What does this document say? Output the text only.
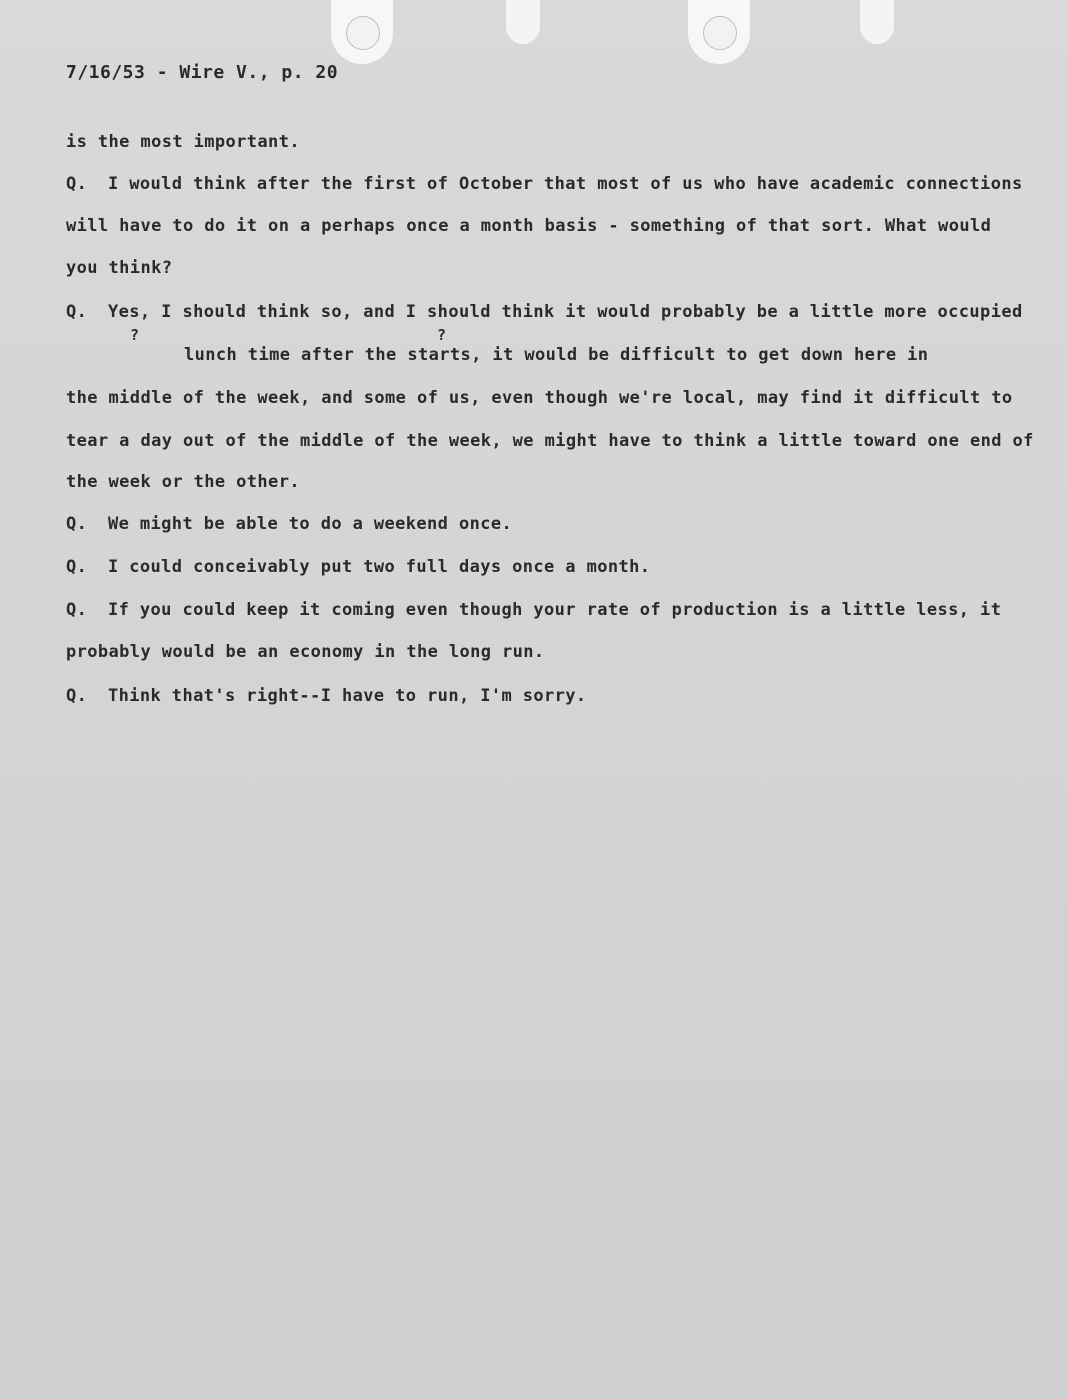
7/16/53 - Wire V., p. 20
is the most important.
Q. I would think after the first of October that most of us who have academic connections
will have to do it on a perhaps once a month basis - something of that sort. What would
you think?
Q. Yes, I should think so, and I should think it would probably be a little more occupied
?	?
lunch time after the starts, it would be difficult to get down here in
the middle of the week, and some of us, even though we're local, may find it difficult to
tear a day out of the middle of the week, we might have to think a little toward one end of
the week or the other.
Q. We might be able to do a weekend once.
Q. I could conceivably put two full days once a month.
Q. If you could keep it coming even though your rate of production is a little less, it
probably would be an economy in the long run.
Q. Think that's right--I have to run, I'm sorry.
